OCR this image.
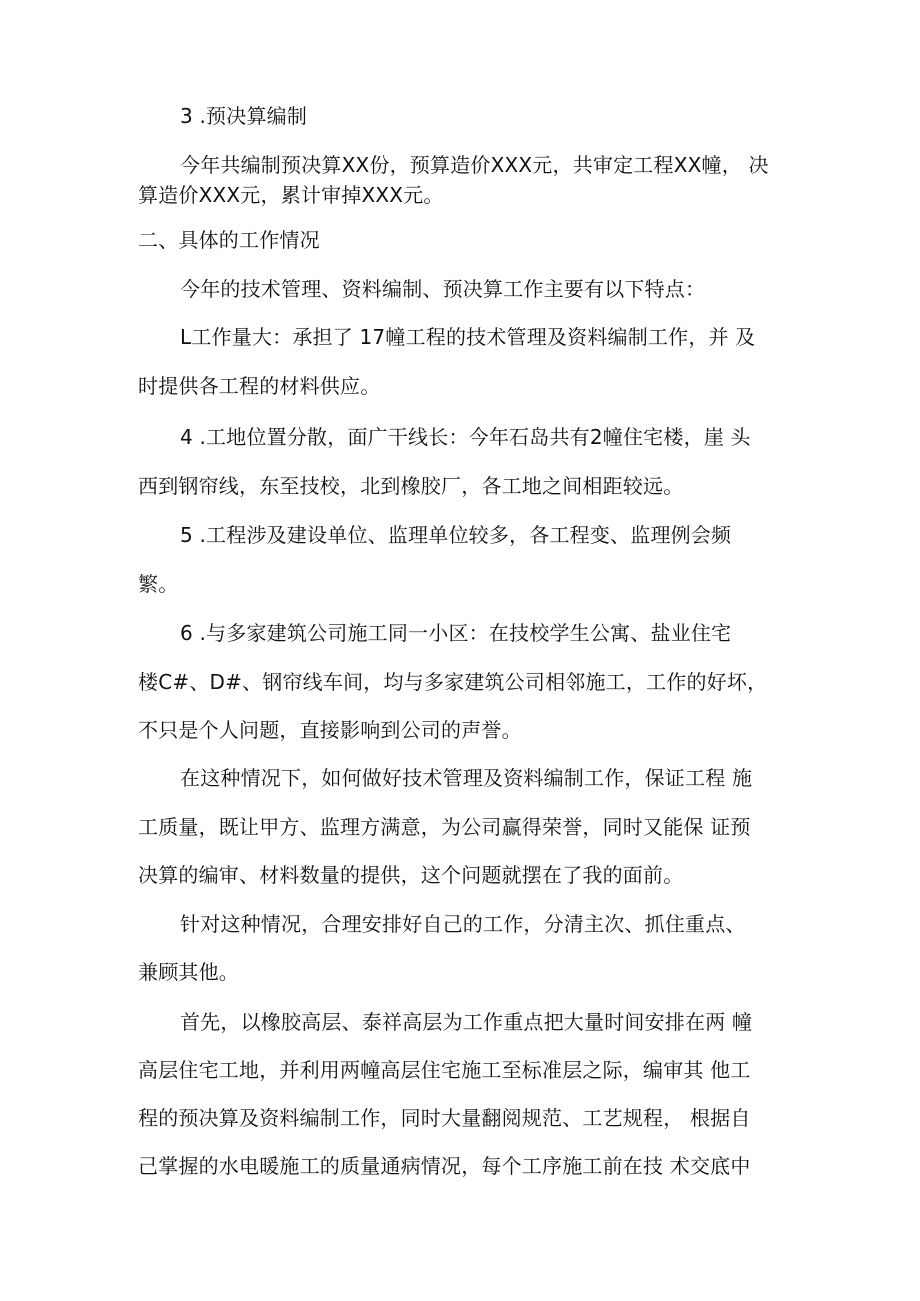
3 .预决算编制
今年共编制预决算XX份，预算造价XXX元，共审定工程XX幢， 决
算造价XXX元，累计审掉XXX元。
二、具体的工作情况
今年的技术管理、资料编制、预决算工作主要有以下特点：
L工作量大：承担了 17幢工程的技术管理及资料编制工作，并 及
时提供各工程的材料供应。
4 .工地位置分散，面广干线长：今年石岛共有2幢住宅楼，崖 头
西到钢帘线，东至技校，北到橡胶厂，各工地之间相距较远。
5 .工程涉及建设单位、监理单位较多，各工程变、监理例会频
繁。
6 .与多家建筑公司施工同一小区：在技校学生公寓、盐业住宅
楼C#、D#、钢帘线车间，均与多家建筑公司相邻施工，工作的好坏，
不只是个人问题，直接影响到公司的声誉。
在这种情况下，如何做好技术管理及资料编制工作，保证工程 施
工质量，既让甲方、监理方满意，为公司赢得荣誉，同时又能保 证预
决算的编审、材料数量的提供，这个问题就摆在了我的面前。
针对这种情况，合理安排好自己的工作，分清主次、抓住重点、
兼顾其他。
首先，以橡胶高层、泰祥高层为工作重点把大量时间安排在两 幢
高层住宅工地，并利用两幢高层住宅施工至标准层之际，编审其 他工
程的预决算及资料编制工作，同时大量翻阅规范、工艺规程， 根据自
己掌握的水电暖施工的质量通病情况，每个工序施工前在技 术交底中
